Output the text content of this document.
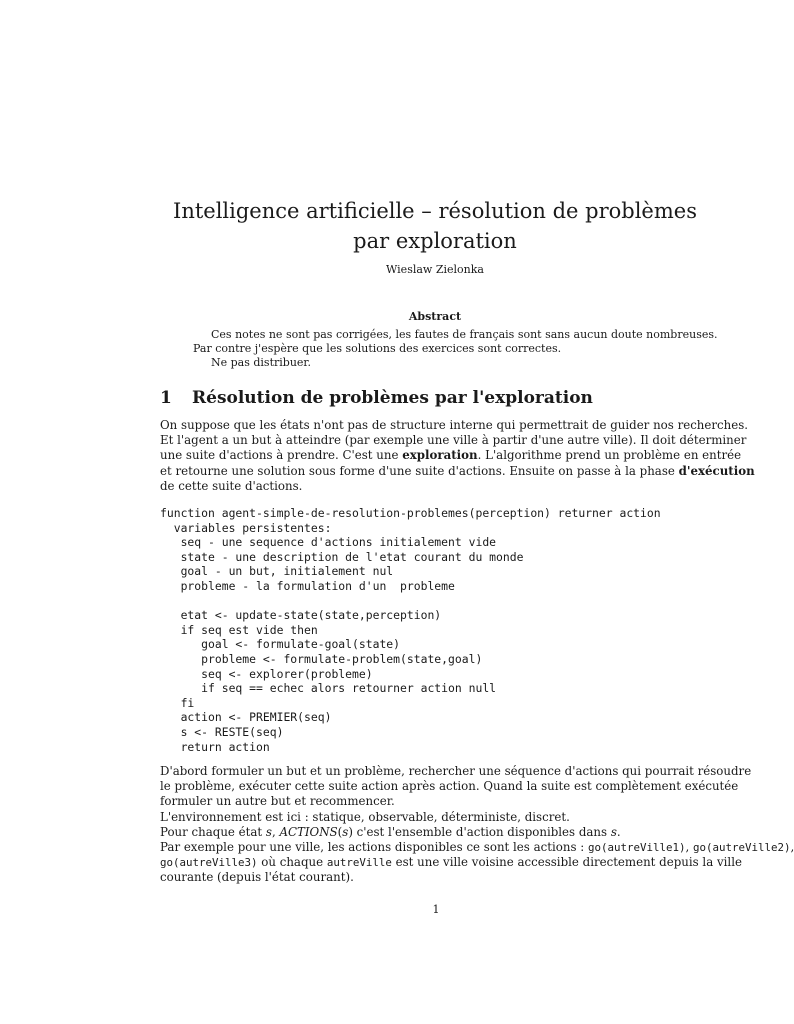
Intelligence artificielle – résolution de problèmes par exploration
Wieslaw Zielonka
Abstract
Ces notes ne sont pas corrigées, les fautes de français sont sans aucun doute nombreuses.
Par contre j'espère que les solutions des exercices sont correctes.
Ne pas distribuer.
1 Résolution de problèmes par l'exploration
On suppose que les états n'ont pas de structure interne qui permettrait de guider nos recherches.
Et l'agent a un but à atteindre (par exemple une ville à partir d'une autre ville). Il doit déterminer
une suite d'actions à prendre. C'est une exploration. L'algorithme prend un problème en entrée
et retourne une solution sous forme d'une suite d'actions. Ensuite on passe à la phase d'exécution
de cette suite d'actions.
function agent-simple-de-resolution-problemes(perception) returner action
variables persistentes:
seq - une sequence d'actions initialement vide
state - une description de l'etat courant du monde
goal - un but, initialement nul
probleme - la formulation d'un  probleme

etat <- update-state(state,perception)
if seq est vide then
goal <- formulate-goal(state)
probleme <- formulate-problem(state,goal)
seq <- explorer(probleme)
if seq == echec alors retourner action null
fi
action <- PREMIER(seq)
s <- RESTE(seq)
return action
D'abord formuler un but et un problème, rechercher une séquence d'actions qui pourrait résoudre
le problème, exécuter cette suite action après action. Quand la suite est complètement exécutée
formuler un autre but et recommencer.
L'environnement est ici : statique, observable, déterministe, discret.
Pour chaque état s, ACTIONS(s) c'est l'ensemble d'action disponibles dans s.
Par exemple pour une ville, les actions disponibles ce sont les actions : go(autreVille1), go(autreVille2),
go(autreVille3) où chaque autreVille est une ville voisine accessible directement depuis la ville
courante (depuis l'état courant).
1
